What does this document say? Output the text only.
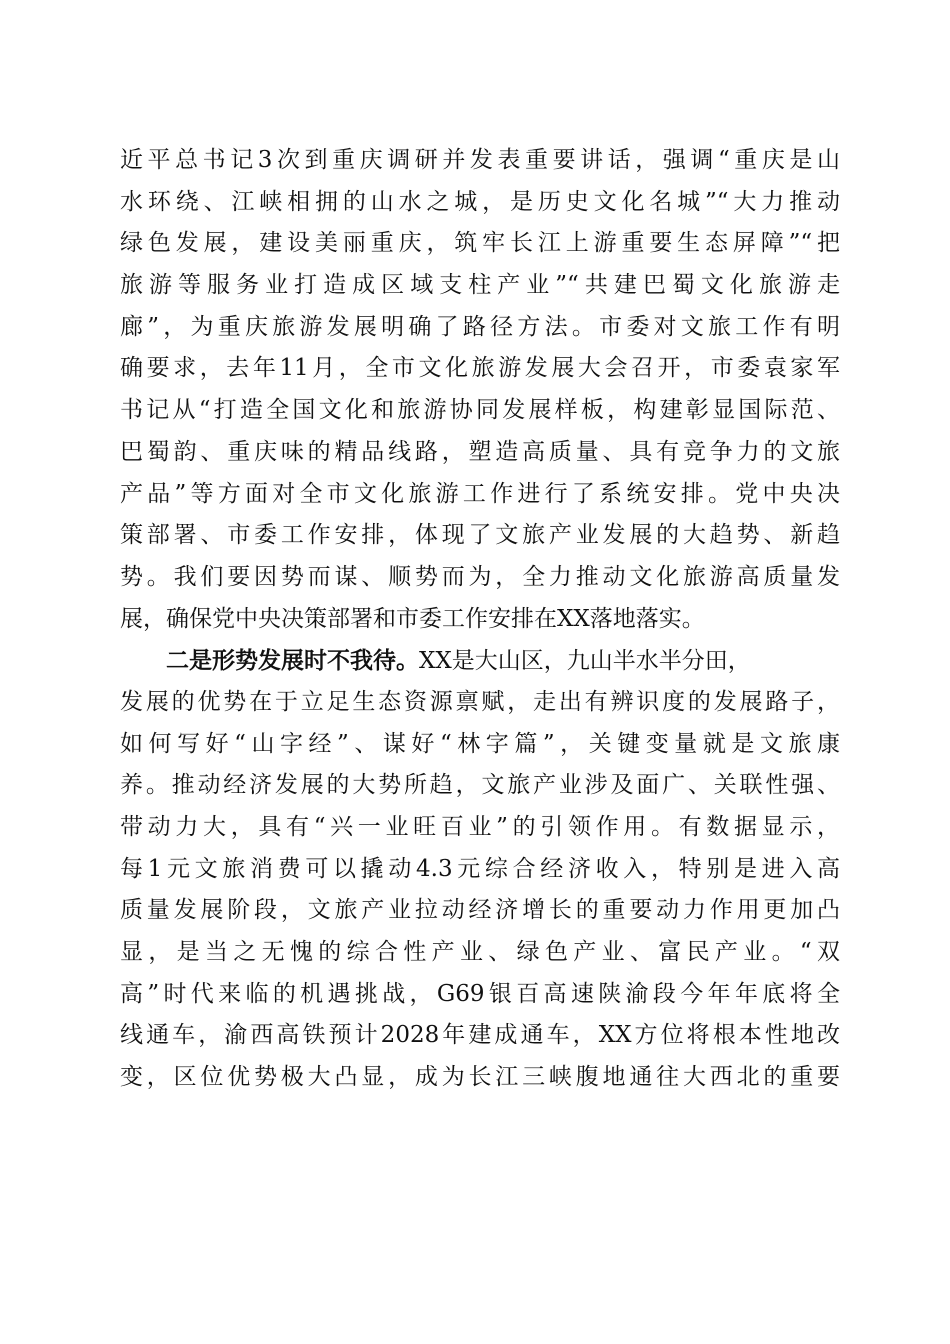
近平总书记3次到重庆调研并发表重要讲话，强调“重庆是山
水环绕、江峡相拥的山水之城，是历史文化名城”“大力推动
绿色发展，建设美丽重庆，筑牢长江上游重要生态屏障”“把
旅游等服务业打造成区域支柱产业”“共建巴蜀文化旅游走
廊”，为重庆旅游发展明确了路径方法。市委对文旅工作有明
确要求，去年11月，全市文化旅游发展大会召开，市委袁家军
书记从“打造全国文化和旅游协同发展样板，构建彰显国际范、
巴蜀韵、重庆味的精品线路，塑造高质量、具有竞争力的文旅
产品”等方面对全市文化旅游工作进行了系统安排。党中央决
策部署、市委工作安排，体现了文旅产业发展的大趋势、新趋
势。我们要因势而谋、顺势而为，全力推动文化旅游高质量发
展，确保党中央决策部署和市委工作安排在XX落地落实。
二是形势发展时不我待。XX是大山区，九山半水半分田，
发展的优势在于立足生态资源禀赋，走出有辨识度的发展路子，
如何写好“山字经”、谋好“林字篇”，关键变量就是文旅康
养。推动经济发展的大势所趋，文旅产业涉及面广、关联性强、
带动力大，具有“兴一业旺百业”的引领作用。有数据显示，
每1元文旅消费可以撬动4.3元综合经济收入，特别是进入高
质量发展阶段，文旅产业拉动经济增长的重要动力作用更加凸
显，是当之无愧的综合性产业、绿色产业、富民产业。“双
高”时代来临的机遇挑战，G69银百高速陕渝段今年年底将全
线通车，渝西高铁预计2028年建成通车，XX方位将根本性地改
变，区位优势极大凸显，成为长江三峡腹地通往大西北的重要
